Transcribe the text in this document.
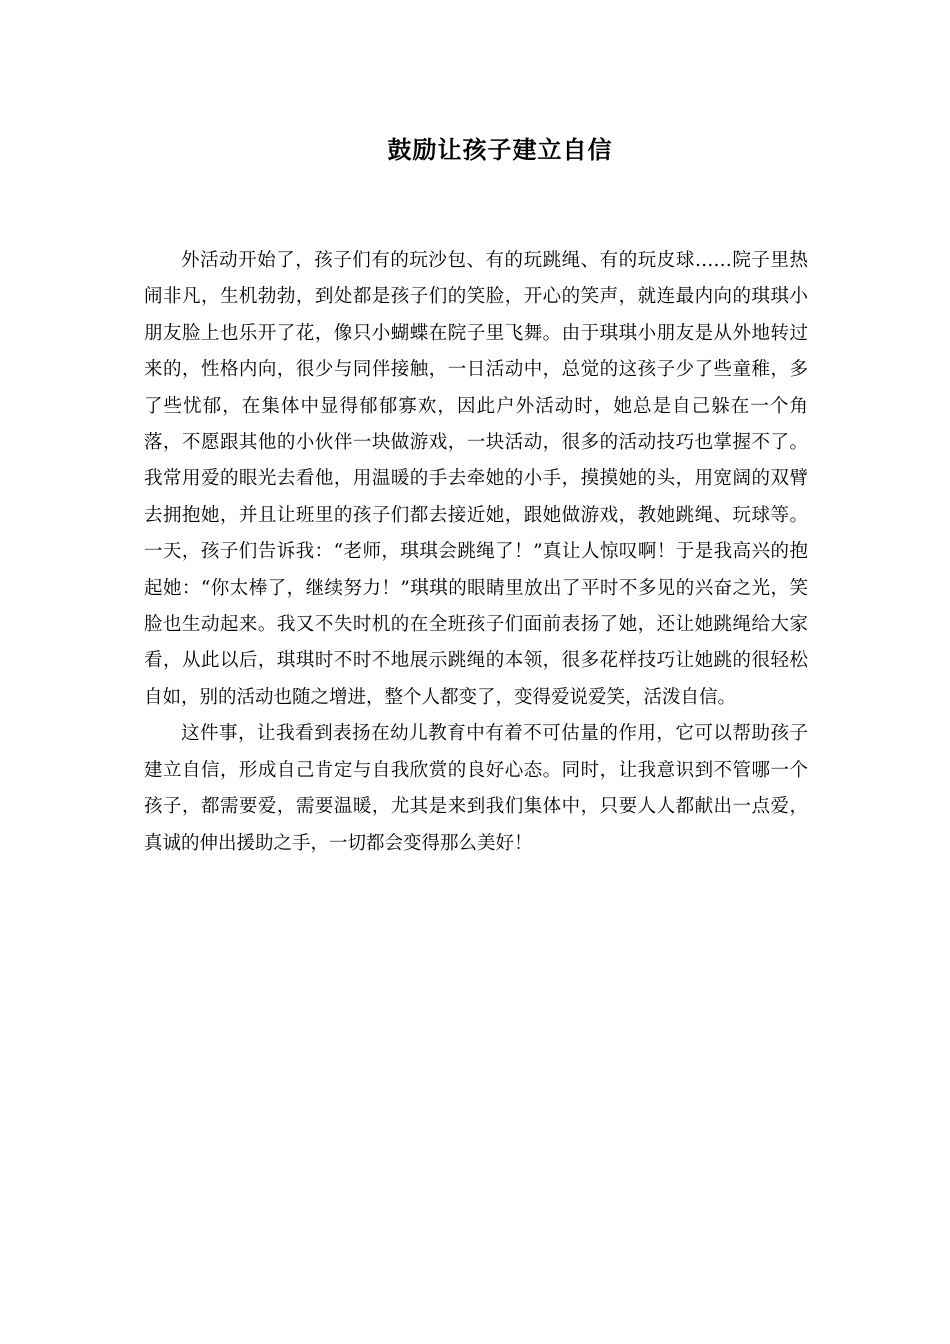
鼓励让孩子建立自信

外活动开始了，孩子们有的玩沙包、有的玩跳绳、有的玩皮球……院子里热闹非凡，生机勃勃，到处都是孩子们的笑脸，开心的笑声，就连最内向的琪琪小朋友脸上也乐开了花，像只小蝴蝶在院子里飞舞。由于琪琪小朋友是从外地转过来的，性格内向，很少与同伴接触，一日活动中，总觉的这孩子少了些童稚，多了些忧郁，在集体中显得郁郁寡欢，因此户外活动时，她总是自己躲在一个角落，不愿跟其他的小伙伴一块做游戏，一块活动，很多的活动技巧也掌握不了。我常用爱的眼光去看他，用温暖的手去牵她的小手，摸摸她的头，用宽阔的双臂去拥抱她，并且让班里的孩子们都去接近她，跟她做游戏，教她跳绳、玩球等。一天，孩子们告诉我：“老师，琪琪会跳绳了！”真让人惊叹啊！于是我高兴的抱起她：“你太棒了，继续努力！”琪琪的眼睛里放出了平时不多见的兴奋之光，笑脸也生动起来。我又不失时机的在全班孩子们面前表扬了她，还让她跳绳给大家看，从此以后，琪琪时不时不地展示跳绳的本领，很多花样技巧让她跳的很轻松自如，别的活动也随之增进，整个人都变了，变得爱说爱笑，活泼自信。

这件事，让我看到表扬在幼儿教育中有着不可估量的作用，它可以帮助孩子建立自信，形成自己肯定与自我欣赏的良好心态。同时，让我意识到不管哪一个孩子，都需要爱，需要温暖，尤其是来到我们集体中，只要人人都献出一点爱，真诚的伸出援助之手，一切都会变得那么美好！
